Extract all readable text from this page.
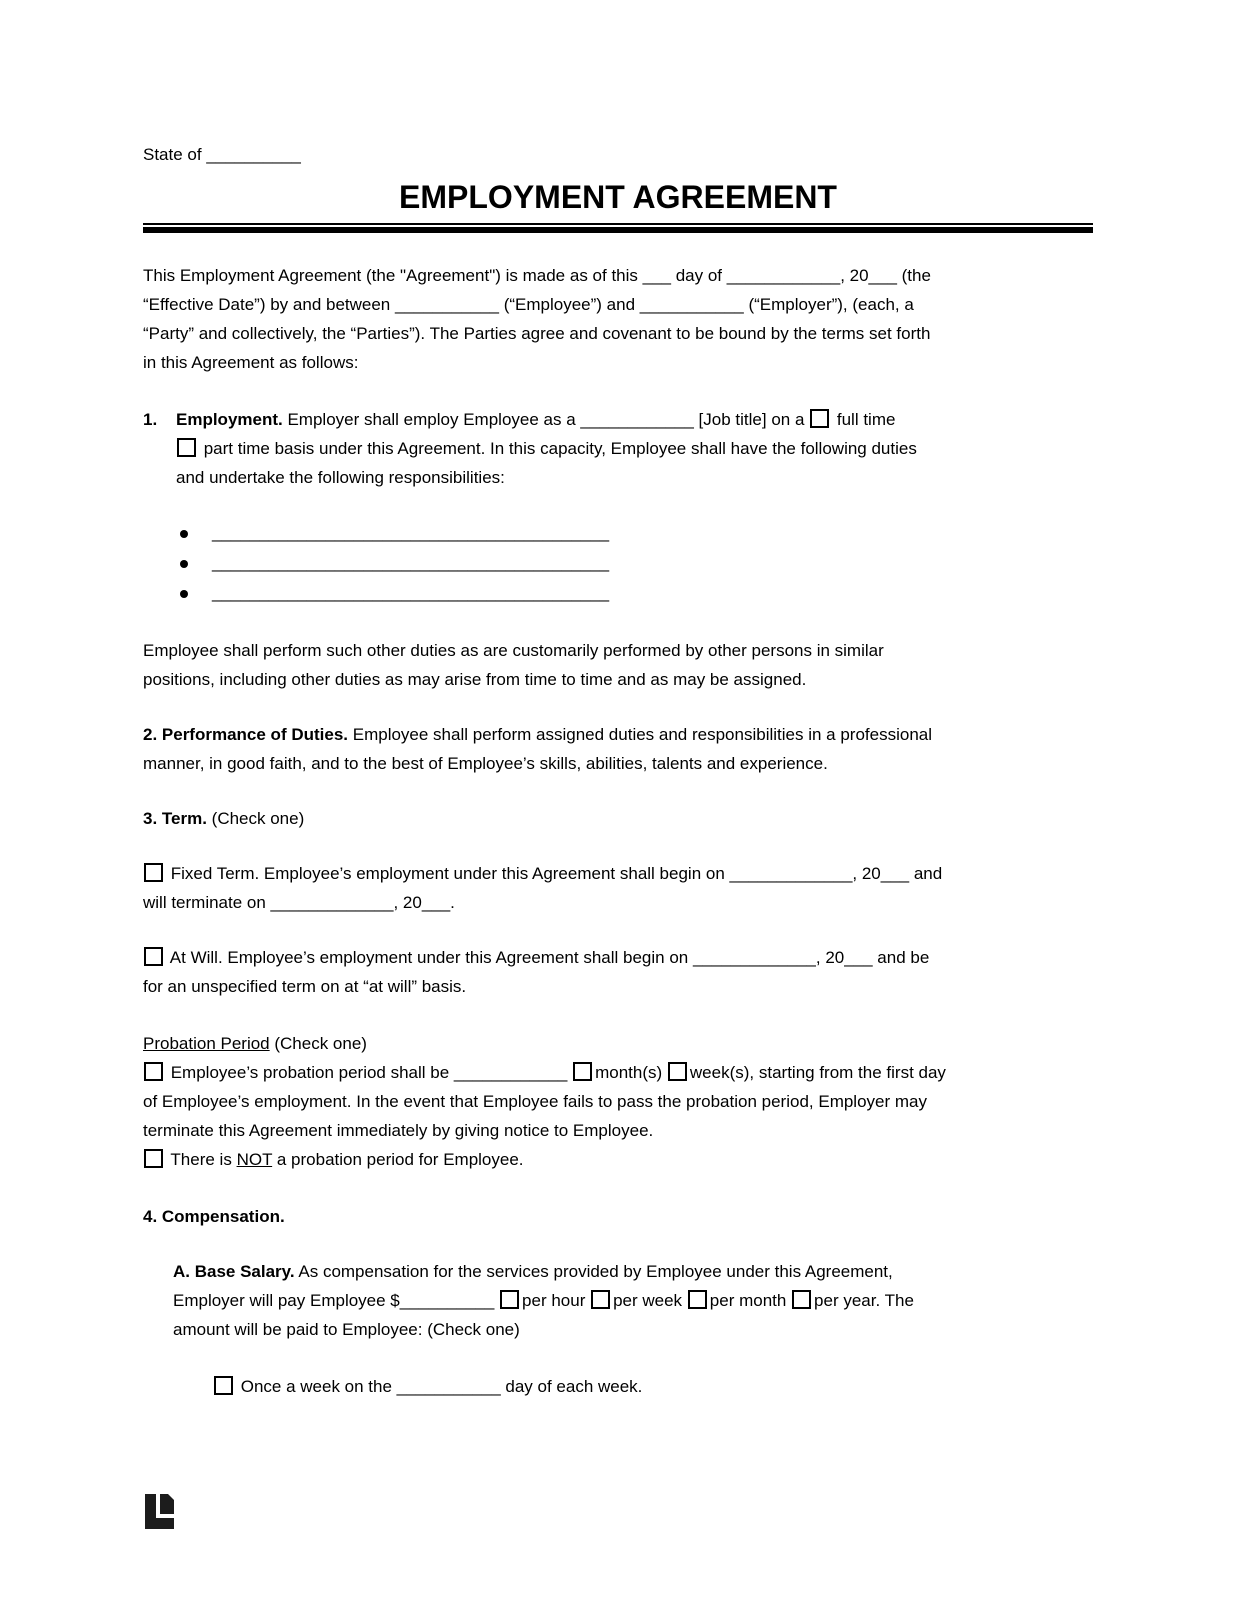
State of __________
EMPLOYMENT AGREEMENT
This Employment Agreement (the "Agreement") is made as of this ___ day of ____________, 20___ (the
“Effective Date”) by and between ___________ (“Employee”) and ___________ (“Employer”), (each, a
“Party” and collectively, the “Parties”). The Parties agree and covenant to be bound by the terms set forth
in this Agreement as follows:
1. Employment. Employer shall employ Employee as a ____________ [Job title] on a  full time
part time basis under this Agreement. In this capacity, Employee shall have the following duties
and undertake the following responsibilities:
__________________________________________
__________________________________________
__________________________________________
Employee shall perform such other duties as are customarily performed by other persons in similar
positions, including other duties as may arise from time to time and as may be assigned.
2. Performance of Duties. Employee shall perform assigned duties and responsibilities in a professional
manner, in good faith, and to the best of Employee’s skills, abilities, talents and experience.
3. Term. (Check one)
Fixed Term. Employee’s employment under this Agreement shall begin on _____________, 20___ and
will terminate on _____________, 20___.
At Will. Employee’s employment under this Agreement shall begin on _____________, 20___ and be
for an unspecified term on at “at will” basis.
Probation Period (Check one)
Employee’s probation period shall be ____________ month(s) week(s), starting from the first day
of Employee’s employment. In the event that Employee fails to pass the probation period, Employer may
terminate this Agreement immediately by giving notice to Employee.
There is NOT a probation period for Employee.
4. Compensation.
A. Base Salary. As compensation for the services provided by Employee under this Agreement,
Employer will pay Employee $__________ per hour per week per month per year. The
amount will be paid to Employee: (Check one)
Once a week on the ___________ day of each week.
